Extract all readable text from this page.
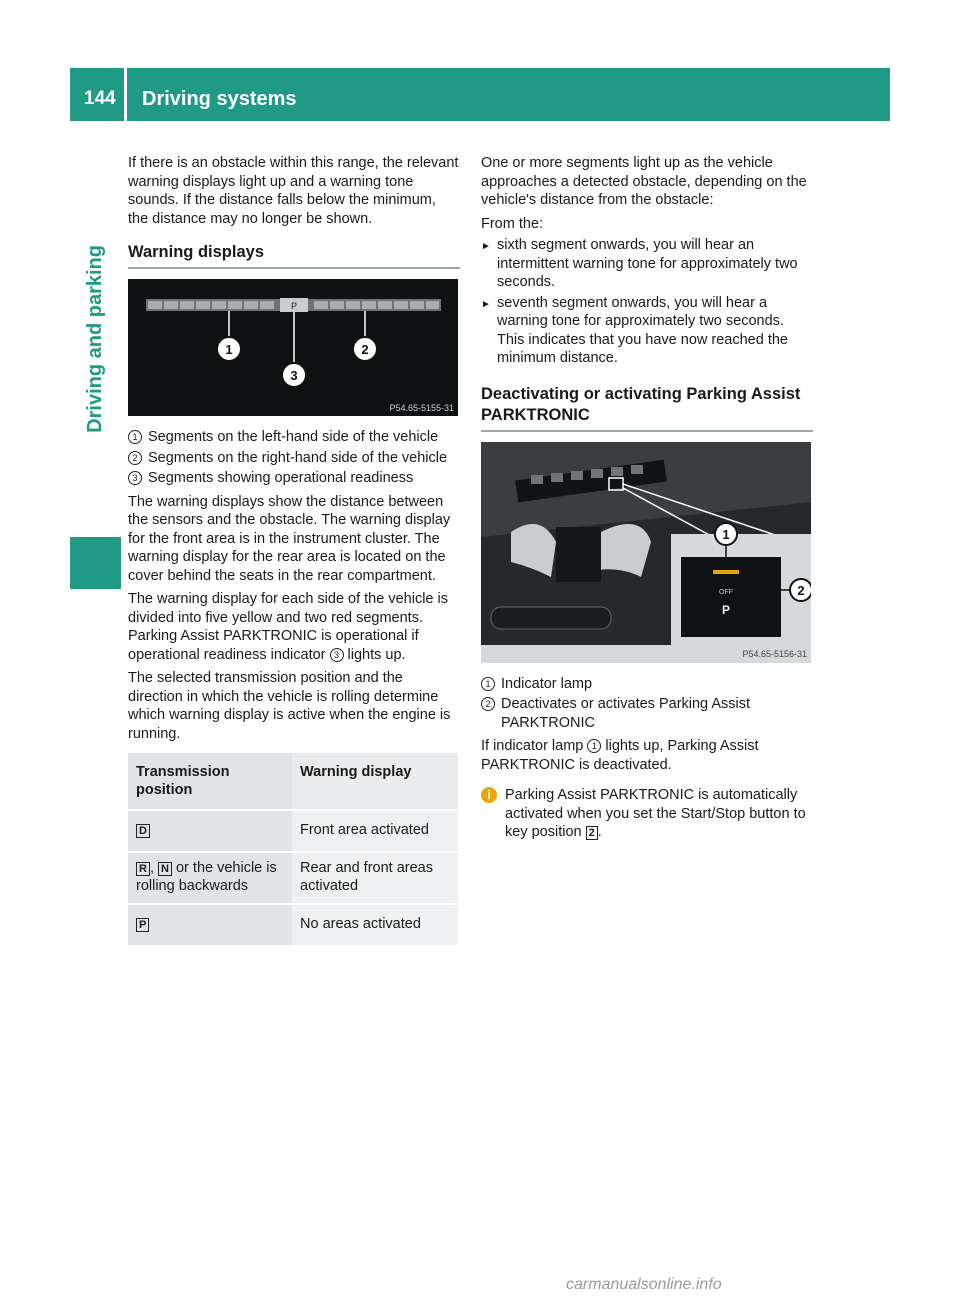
144 Driving systems
Driving and parking

If there is an obstacle within this range, the relevant warning displays light up and a warning tone sounds. If the distance falls below the minimum, the distance may no longer be shown.

Warning displays
P
1	2
3
P54.65-5155-31
1 Segments on the left-hand side of the vehicle
2 Segments on the right-hand side of the vehicle
3 Segments showing operational readiness

The warning displays show the distance between the sensors and the obstacle. The warning display for the front area is in the instrument cluster. The warning display for the rear area is located on the cover behind the seats in the rear compartment.

The warning display for each side of the vehicle is divided into five yellow and two red segments. Parking Assist PARKTRONIC is operational if operational readiness indicator 3 lights up.

The selected transmission position and the direction in which the vehicle is rolling determine which warning display is active when the engine is running.

Transmission position	Warning display
D	Front area activated
R , N or the vehicle is rolling backwards	Rear and front areas activated
P	No areas activated

One or more segments light up as the vehicle approaches a detected obstacle, depending on the vehicle's distance from the obstacle:

From the:

► sixth segment onwards, you will hear an intermittent warning tone for approximately two seconds.
► seventh segment onwards, you will hear a warning tone for approximately two seconds. This indicates that you have now reached the minimum distance.
Deactivating or activating Parking Assist PARKTRONIC
OFF
P
1
2
P54.65-5156-31
1 Indicator lamp
2 Deactivates or activates Parking Assist PARKTRONIC

If indicator lamp 1 lights up, Parking Assist PARKTRONIC is deactivated.

i Parking Assist PARKTRONIC is automatically activated when you set the Start/Stop button to key position 2 .
carmanualsonline.info
